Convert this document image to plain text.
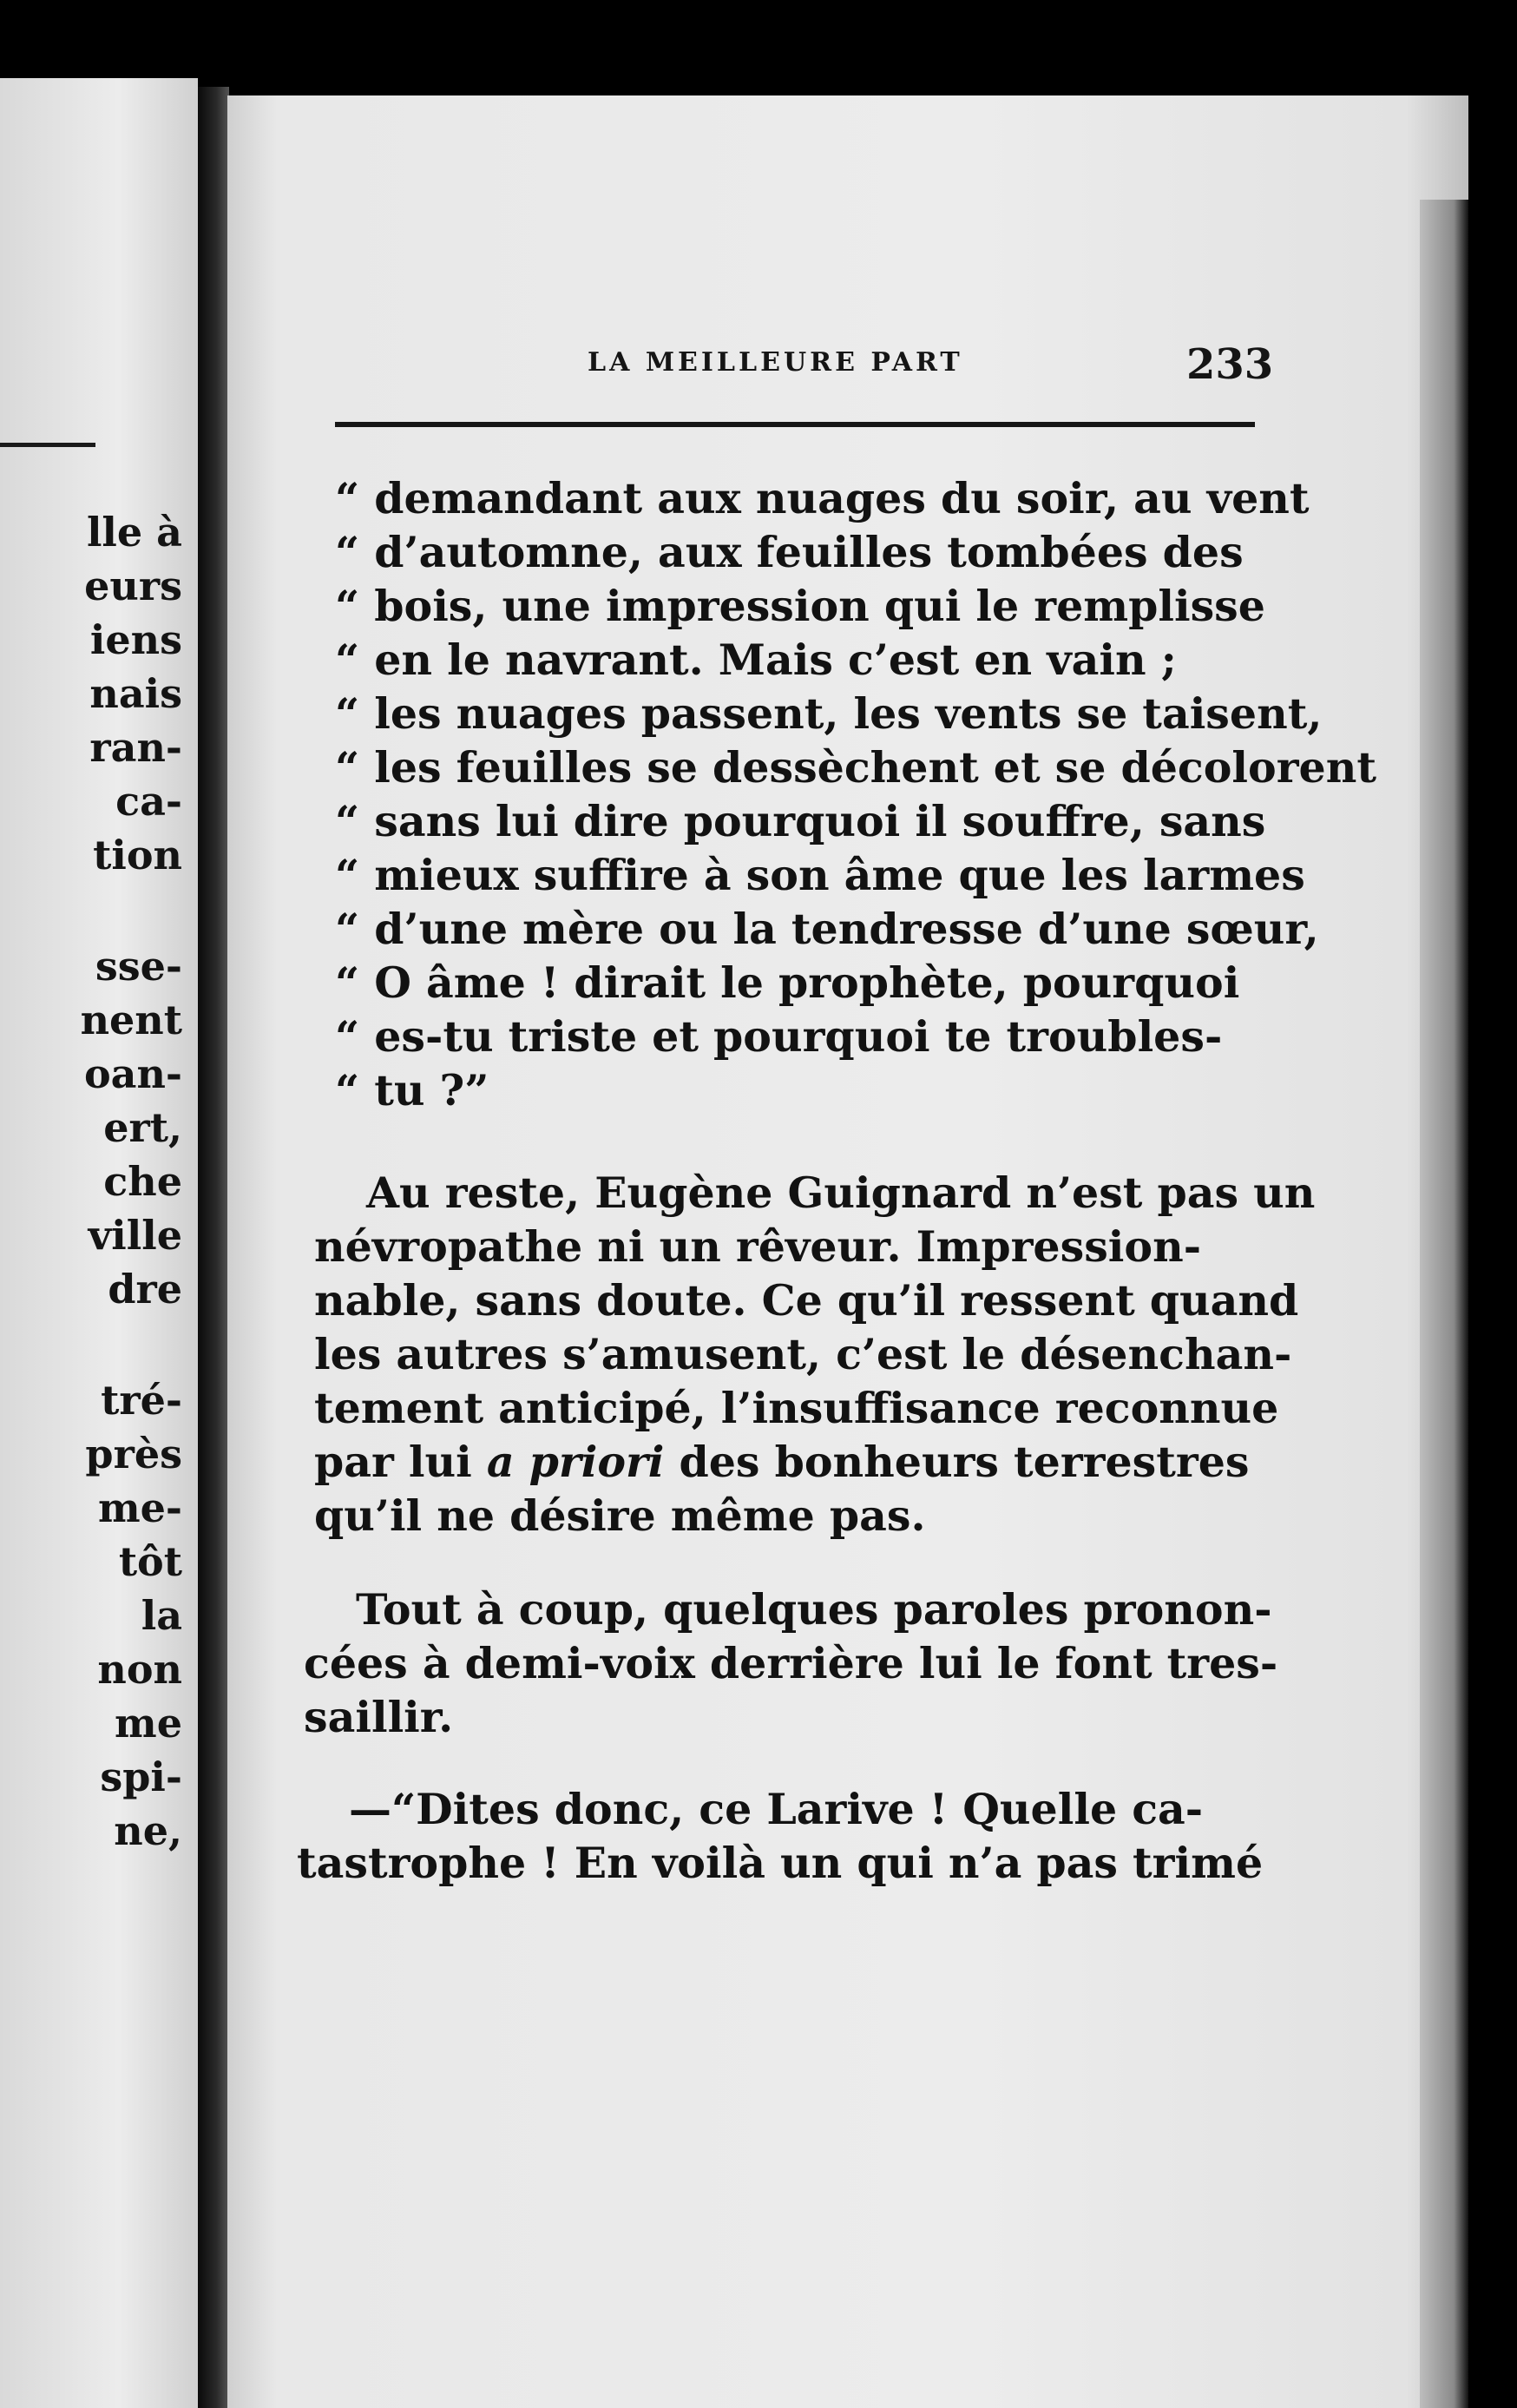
lle à
eurs
iens
nais
ran-
ca-
tion
sse-
nent
oan-
ert,
che
ville
dre
tré-
près
me-
tôt
la
non
me
spi-
ne,
LA MEILLEURE PART	233
“ demandant aux nuages du soir, au vent
“ d’automne, aux feuilles tombées des
“ bois, une impression qui le remplisse
“ en le navrant. Mais c’est en vain ;
“ les nuages passent, les vents se taisent,
“ les feuilles se dessèchent et se décolorent
“ sans lui dire pourquoi il souffre, sans
“ mieux suffire à son âme que les larmes
“ d’une mère ou la tendresse d’une sœur,
“ O âme ! dirait le prophète, pourquoi
“ es-tu triste et pourquoi te troubles-
“ tu ?”
Au reste, Eugène Guignard n’est pas un
névropathe ni un rêveur. Impression-
nable, sans doute. Ce qu’il ressent quand
les autres s’amusent, c’est le désenchan-
tement anticipé, l’insuffisance reconnue
par lui a priori des bonheurs terrestres
qu’il ne désire même pas.
Tout à coup, quelques paroles pronon-
cées à demi-voix derrière lui le font tres-
saillir.
—“Dites donc, ce Larive ! Quelle ca-
tastrophe ! En voilà un qui n’a pas trimé
